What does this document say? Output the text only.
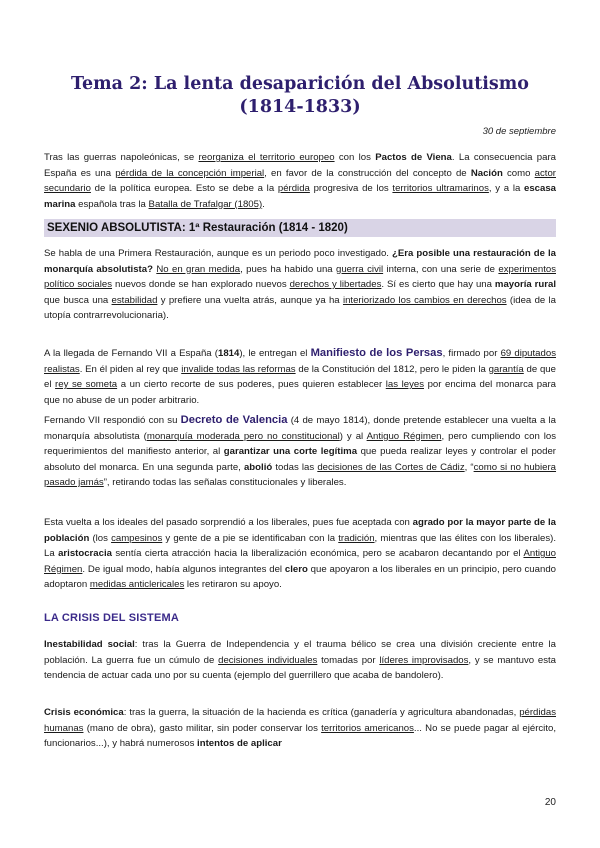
Tema 2: La lenta desaparición del Absolutismo
(1814-1833)
30 de septiembre

Tras las guerras napoleónicas, se reorganiza el territorio europeo con los Pactos de Viena. La consecuencia para España es una pérdida de la concepción imperial, en favor de la construcción del concepto de Nación como actor secundario de la política europea. Esto se debe a la pérdida progresiva de los territorios ultramarinos, y a la escasa marina española tras la Batalla de Trafalgar (1805).

SEXENIO ABSOLUTISTA: 1ª Restauración (1814 - 1820)

Se habla de una Primera Restauración, aunque es un periodo poco investigado. ¿Era posible una restauración de la monarquía absolutista? No en gran medida, pues ha habido una guerra civil interna, con una serie de experimentos político sociales nuevos donde se han explorado nuevos derechos y libertades. Sí es cierto que hay una mayoría rural que busca una estabilidad y prefiere una vuelta atrás, aunque ya ha interiorizado los cambios en derechos (idea de la utopía contrarrevolucionaria).

A la llegada de Fernando VII a España (1814), le entregan el Manifiesto de los Persas, firmado por 69 diputados realistas. En él piden al rey que invalide todas las reformas de la Constitución del 1812, pero le piden la garantía de que el rey se someta a un cierto recorte de sus poderes, pues quieren establecer las leyes por encima del monarca para que no abuse de un poder arbitrario.

Fernando VII respondió con su Decreto de Valencia (4 de mayo 1814), donde pretende establecer una vuelta a la monarquía absolutista (monarquía moderada pero no constitucional) y al Antiguo Régimen, pero cumpliendo con los requerimientos del manifiesto anterior, al garantizar una corte legítima que pueda realizar leyes y controlar el poder absoluto del monarca. En una segunda parte, abolió todas las decisiones de las Cortes de Cádiz, “como si no hubiera pasado jamás”, retirando todas las señalas constitucionales y liberales.

Esta vuelta a los ideales del pasado sorprendió a los liberales, pues fue aceptada con agrado por la mayor parte de la población (los campesinos y gente de a pie se identificaban con la tradición, mientras que las élites con los liberales). La aristocracia sentía cierta atracción hacia la liberalización económica, pero se acabaron decantando por el Antiguo Régimen. De igual modo, había algunos integrantes del clero que apoyaron a los liberales en un principio, pero cuando adoptaron medidas anticlericales les retiraron su apoyo.

LA CRISIS DEL SISTEMA

Inestabilidad social: tras la Guerra de Independencia y el trauma bélico se crea una división creciente entre la población. La guerra fue un cúmulo de decisiones individuales tomadas por líderes improvisados, y se mantuvo esta tendencia de actuar cada uno por su cuenta (ejemplo del guerrillero que acaba de bandolero).

Crisis económica: tras la guerra, la situación de la hacienda es crítica (ganadería y agricultura abandonadas, pérdidas humanas (mano de obra), gasto militar, sin poder conservar los territorios americanos... No se puede pagar al ejército, funcionarios...), y habrá numerosos intentos de aplicar

20
